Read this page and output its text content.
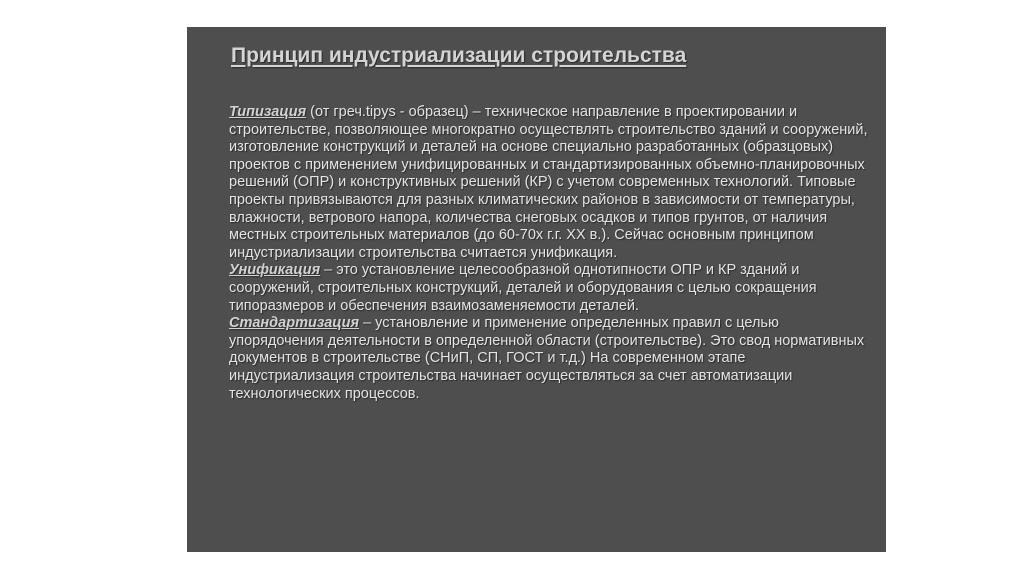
Принцип индустриализации строительства

Типизация (от греч.tipys - образец) – техническое направление в проектировании и строительстве, позволяющее многократно осуществлять строительство зданий и сооружений, изготовление конструкций и деталей на основе специально разработанных (образцовых) проектов с применением унифицированных и стандартизированных объемно-планировочных решений (ОПР) и конструктивных решений (КР) с учетом современных технологий. Типовые проекты привязываются для разных климатических районов в зависимости от температуры, влажности, ветрового напора, количества снеговых осадков и типов грунтов, от наличия местных строительных материалов (до 60-70х г.г. ХХ в.). Сейчас основным принципом индустриализации строительства считается унификация.

Унификация – это установление целесообразной однотипности ОПР и КР зданий и сооружений, строительных конструкций, деталей и оборудования с целью сокращения типоразмеров и обеспечения взаимозаменяемости деталей.

Стандартизация – установление и применение определенных правил с целью упорядочения деятельности в определенной области (строительстве). Это свод нормативных документов в строительстве (СНиП, СП, ГОСТ и т.д.) На современном этапе индустриализация строительства начинает осуществляться за счет автоматизации технологических процессов.
